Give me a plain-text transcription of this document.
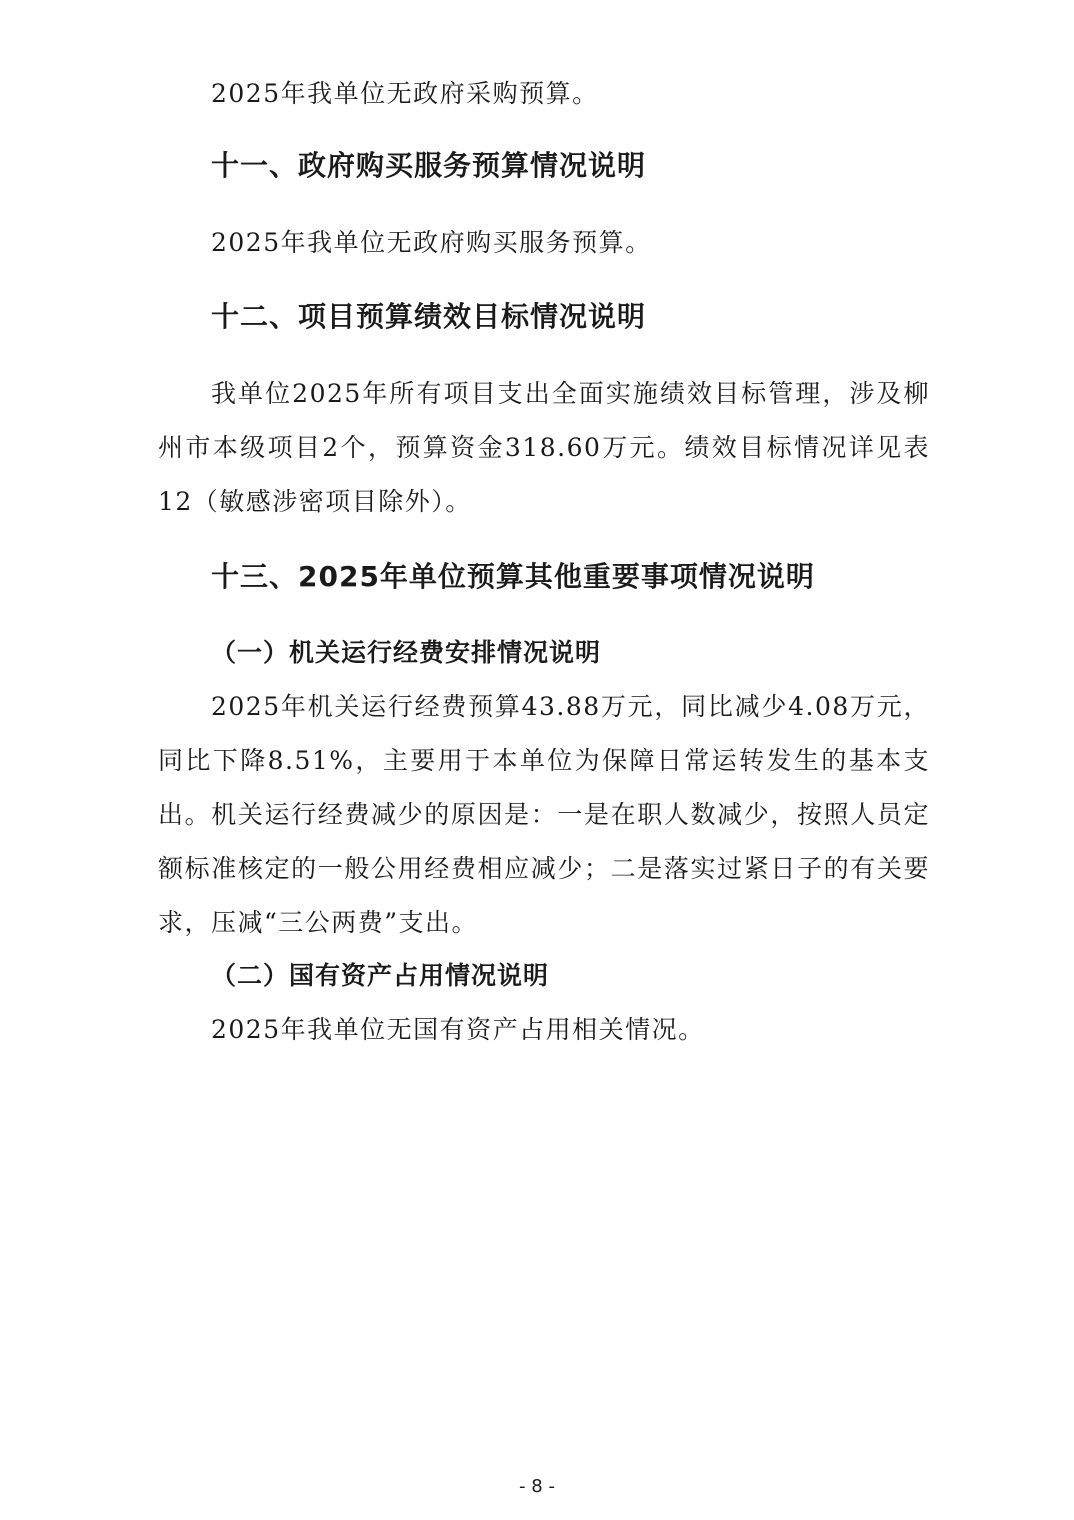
2025年我单位无政府采购预算。

十一、政府购买服务预算情况说明

2025年我单位无政府购买服务预算。

十二、项目预算绩效目标情况说明

我单位2025年所有项目支出全面实施绩效目标管理，涉及柳州市本级项目2个，预算资金318.60万元。绩效目标情况详见表12（敏感涉密项目除外）。

十三、2025年单位预算其他重要事项情况说明
（一）机关运行经费安排情况说明

2025年机关运行经费预算43.88万元，同比减少4.08万元，同比下降8.51%，主要用于本单位为保障日常运转发生的基本支出。机关运行经费减少的原因是：一是在职人数减少，按照人员定额标准核定的一般公用经费相应减少；二是落实过紧日子的有关要求，压减“三公两费”支出。

（二）国有资产占用情况说明

2025年我单位无国有资产占用相关情况。

- 8 -
